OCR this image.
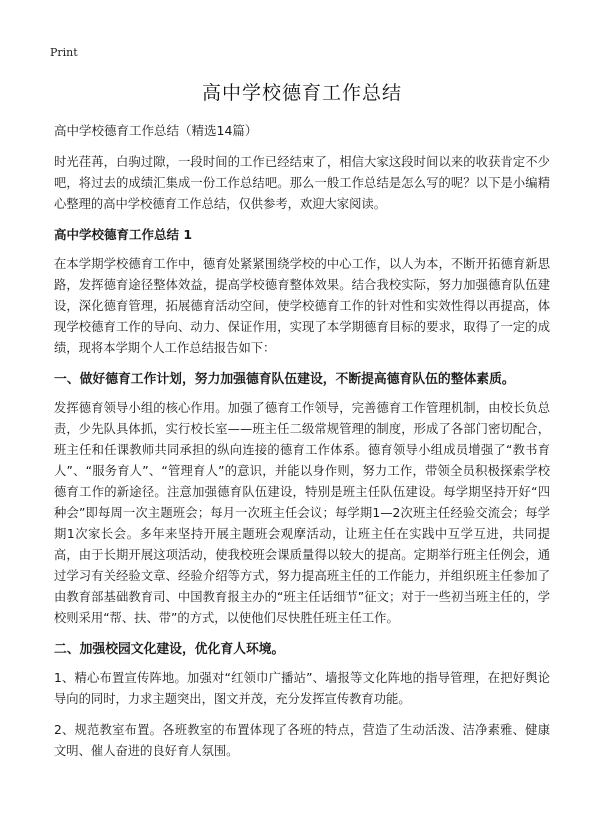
Print
高中学校德育工作总结
高中学校德育工作总结（精选14篇）

时光荏苒，白驹过隙，一段时间的工作已经结束了，相信大家这段时间以来的收获肯定不少吧，将过去的成绩汇集成一份工作总结吧。那么一般工作总结是怎么写的呢？以下是小编精心整理的高中学校德育工作总结，仅供参考，欢迎大家阅读。

高中学校德育工作总结 1

在本学期学校德育工作中，德育处紧紧围绕学校的中心工作，以人为本，不断开拓德育新思路，发挥德育途径整体效益，提高学校德育整体效果。结合我校实际，努力加强德育队伍建设，深化德育管理，拓展德育活动空间，使学校德育工作的针对性和实效性得以再提高，体现学校德育工作的导向、动力、保证作用，实现了本学期德育目标的要求，取得了一定的成绩，现将本学期个人工作总结报告如下：

一、做好德育工作计划，努力加强德育队伍建设，不断提高德育队伍的整体素质。

发挥德育领导小组的核心作用。加强了德育工作领导，完善德育工作管理机制，由校长负总责，少先队具体抓，实行校长室——班主任二级常规管理的制度，形成了各部门密切配合，班主任和任课教师共同承担的纵向连接的德育工作体系。德育领导小组成员增强了“教书育人”、“服务育人”、“管理育人”的意识，并能以身作则，努力工作，带领全员积极探索学校德育工作的新途径。注意加强德育队伍建设，特别是班主任队伍建设。每学期坚持开好“四种会”即每周一次主题班会；每月一次班主任会议；每学期1—2次班主任经验交流会；每学期1次家长会。多年来坚持开展主题班会观摩活动，让班主任在实践中互学互进，共同提高，由于长期开展这项活动，使我校班会课质量得以较大的提高。定期举行班主任例会，通过学习有关经验文章、经验介绍等方式，努力提高班主任的工作能力，并组织班主任参加了由教育部基础教育司、中国教育报主办的“班主任话细节”征文；对于一些初当班主任的，学校则采用“帮、扶、带”的方式，以使他们尽快胜任班主任工作。

二、加强校园文化建设，优化育人环境。

1、精心布置宣传阵地。加强对“红领巾广播站”、墙报等文化阵地的指导管理，在把好舆论导向的同时，力求主题突出，图文并茂，充分发挥宣传教育功能。

2、规范教室布置。各班教室的布置体现了各班的特点，营造了生动活泼、洁净素雅、健康文明、催人奋进的良好育人氛围。
